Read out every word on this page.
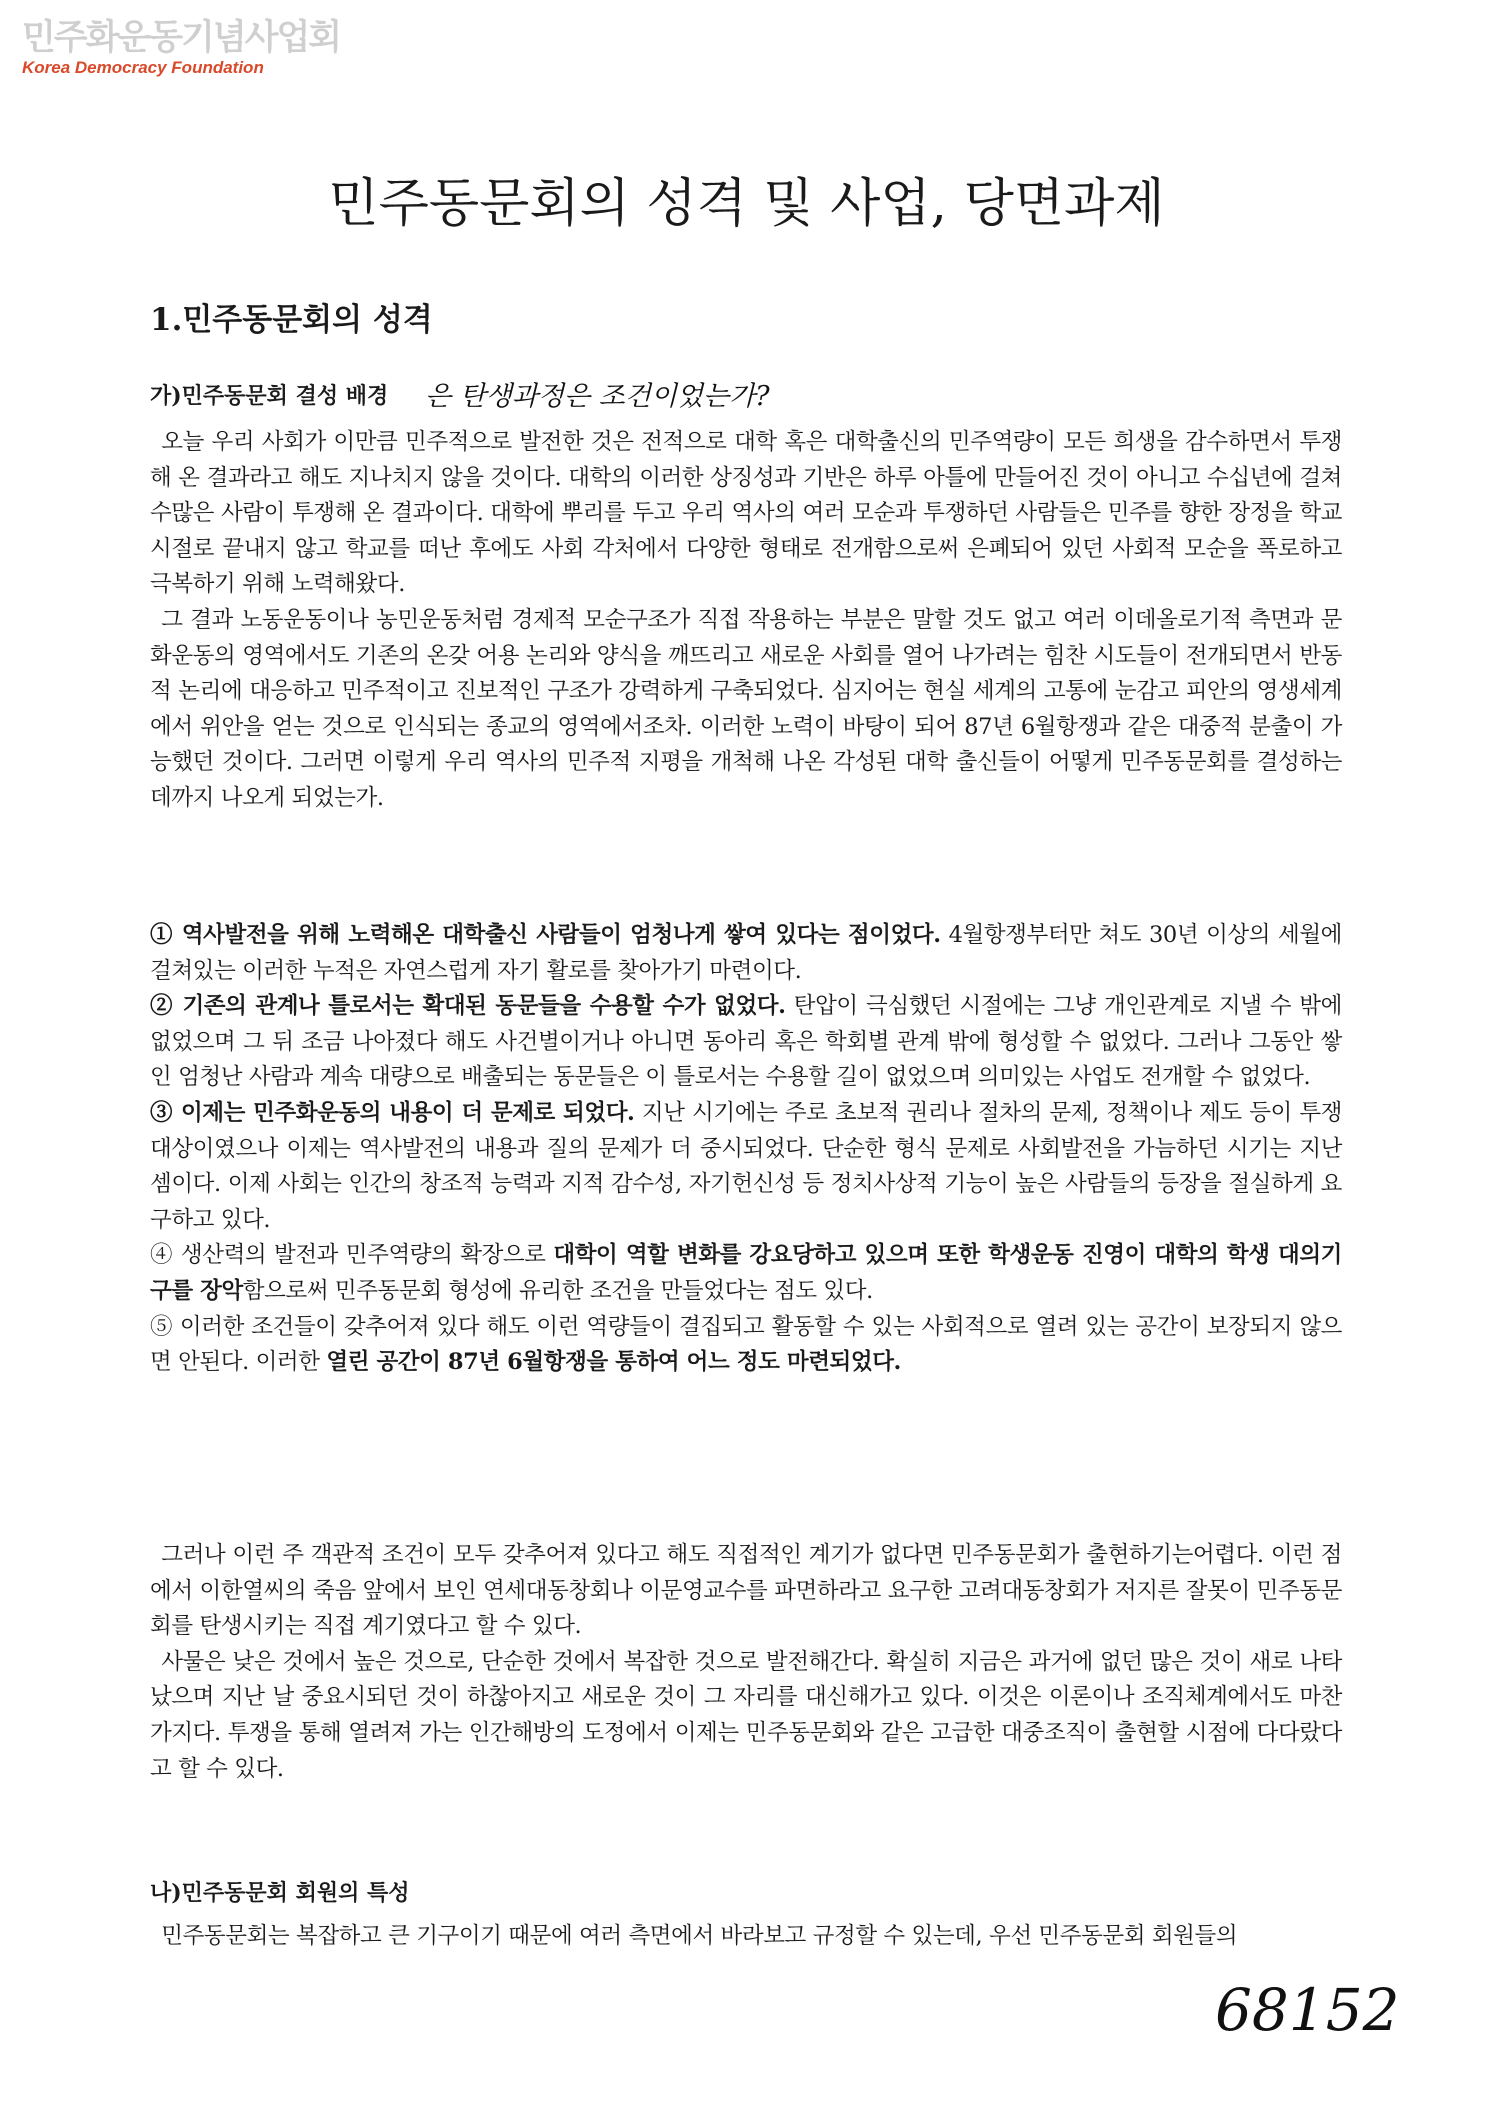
민주화운동기념사업회
Korea Democracy Foundation
민주동문회의 성격 및 사업, 당면과제
1.민주동문회의 성격
가)민주동문회 결성 배경 은 탄생과정은 조건이었는가?

오늘 우리 사회가 이만큼 민주적으로 발전한 것은 전적으로 대학 혹은 대학출신의 민주역량이 모든 희생을 감수하면서 투쟁해 온 결과라고 해도 지나치지 않을 것이다. 대학의 이러한 상징성과 기반은 하루 아틀에 만들어진 것이 아니고 수십년에 걸쳐 수많은 사람이 투쟁해 온 결과이다. 대학에 뿌리를 두고 우리 역사의 여러 모순과 투쟁하던 사람들은 민주를 향한 장정을 학교시절로 끝내지 않고 학교를 떠난 후에도 사회 각처에서 다양한 형태로 전개함으로써 은폐되어 있던 사회적 모순을 폭로하고 극복하기 위해 노력해왔다.

그 결과 노동운동이나 농민운동처럼 경제적 모순구조가 직접 작용하는 부분은 말할 것도 없고 여러 이데올로기적 측면과 문화운동의 영역에서도 기존의 온갖 어용 논리와 양식을 깨뜨리고 새로운 사회를 열어 나가려는 힘찬 시도들이 전개되면서 반동적 논리에 대응하고 민주적이고 진보적인 구조가 강력하게 구축되었다. 심지어는 현실 세계의 고통에 눈감고 피안의 영생세계에서 위안을 얻는 것으로 인식되는 종교의 영역에서조차. 이러한 노력이 바탕이 되어 87년 6월항쟁과 같은 대중적 분출이 가능했던 것이다. 그러면 이렇게 우리 역사의 민주적 지평을 개척해 나온 각성된 대학 출신들이 어떻게 민주동문회를 결성하는 데까지 나오게 되었는가.

① 역사발전을 위해 노력해온 대학출신 사람들이 엄청나게 쌓여 있다는 점이었다. 4월항쟁부터만 쳐도 30년 이상의 세월에 걸쳐있는 이러한 누적은 자연스럽게 자기 활로를 찾아가기 마련이다.

② 기존의 관계나 틀로서는 확대된 동문들을 수용할 수가 없었다. 탄압이 극심했던 시절에는 그냥 개인관계로 지낼 수 밖에 없었으며 그 뒤 조금 나아졌다 해도 사건별이거나 아니면 동아리 혹은 학회별 관계 밖에 형성할 수 없었다. 그러나 그동안 쌓인 엄청난 사람과 계속 대량으로 배출되는 동문들은 이 틀로서는 수용할 길이 없었으며 의미있는 사업도 전개할 수 없었다.

③ 이제는 민주화운동의 내용이 더 문제로 되었다. 지난 시기에는 주로 초보적 권리나 절차의 문제, 정책이나 제도 등이 투쟁 대상이였으나 이제는 역사발전의 내용과 질의 문제가 더 중시되었다. 단순한 형식 문제로 사회발전을 가늠하던 시기는 지난 셈이다. 이제 사회는 인간의 창조적 능력과 지적 감수성, 자기헌신성 등 정치사상적 기능이 높은 사람들의 등장을 절실하게 요구하고 있다.

④ 생산력의 발전과 민주역량의 확장으로 대학이 역할 변화를 강요당하고 있으며 또한 학생운동 진영이 대학의 학생 대의기구를 장악함으로써 민주동문회 형성에 유리한 조건을 만들었다는 점도 있다.

⑤ 이러한 조건들이 갖추어져 있다 해도 이런 역량들이 결집되고 활동할 수 있는 사회적으로 열려 있는 공간이 보장되지 않으면 안된다. 이러한 열린 공간이 87년 6월항쟁을 통하여 어느 정도 마련되었다.

그러나 이런 주 객관적 조건이 모두 갖추어져 있다고 해도 직접적인 계기가 없다면 민주동문회가 출현하기는어렵다. 이런 점에서 이한열씨의 죽음 앞에서 보인 연세대동창회나 이문영교수를 파면하라고 요구한 고려대동창회가 저지른 잘못이 민주동문회를 탄생시키는 직접 계기였다고 할 수 있다.

사물은 낮은 것에서 높은 것으로, 단순한 것에서 복잡한 것으로 발전해간다. 확실히 지금은 과거에 없던 많은 것이 새로 나타났으며 지난 날 중요시되던 것이 하찮아지고 새로운 것이 그 자리를 대신해가고 있다. 이것은 이론이나 조직체계에서도 마찬가지다. 투쟁을 통해 열려져 가는 인간해방의 도정에서 이제는 민주동문회와 같은 고급한 대중조직이 출현할 시점에 다다랐다고 할 수 있다.

나)민주동문회 회원의 특성

민주동문회는 복잡하고 큰 기구이기 때문에 여러 측면에서 바라보고 규정할 수 있는데, 우선 민주동문회 회원들의

68152
